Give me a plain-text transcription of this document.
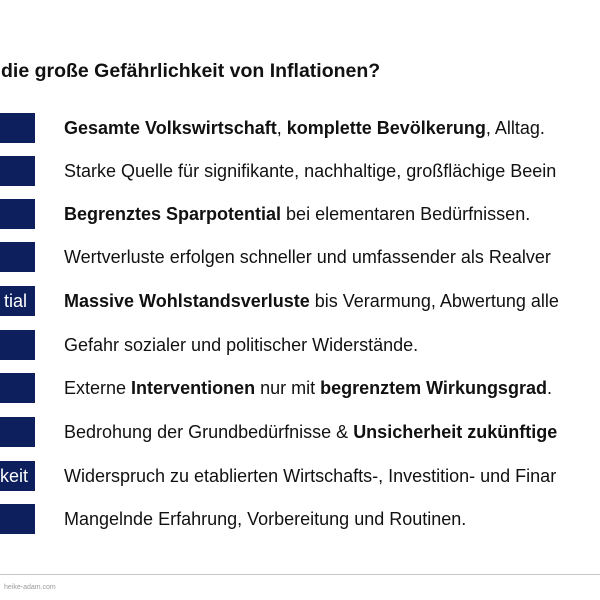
die große Gefährlichkeit von Inflationen?
Gesamte Volkswirtschaft, komplette Bevölkerung, Alltag.
Starke Quelle für signifikante, nachhaltige, großflächige Beein
Begrenztes Sparpotential bei elementaren Bedürfnissen.
Wertverluste erfolgen schneller und umfassender als Realver
tial	Massive Wohlstandsverluste bis Verarmung, Abwertung alle
Gefahr sozialer und politischer Widerstände.
Externe Interventionen nur mit begrenztem Wirkungsgrad.
Bedrohung der Grundbedürfnisse & Unsicherheit zukünftige
keit	Widerspruch zu etablierten Wirtschafts-, Investition- und Finar
Mangelnde Erfahrung, Vorbereitung und Routinen.
heike-adam.com
